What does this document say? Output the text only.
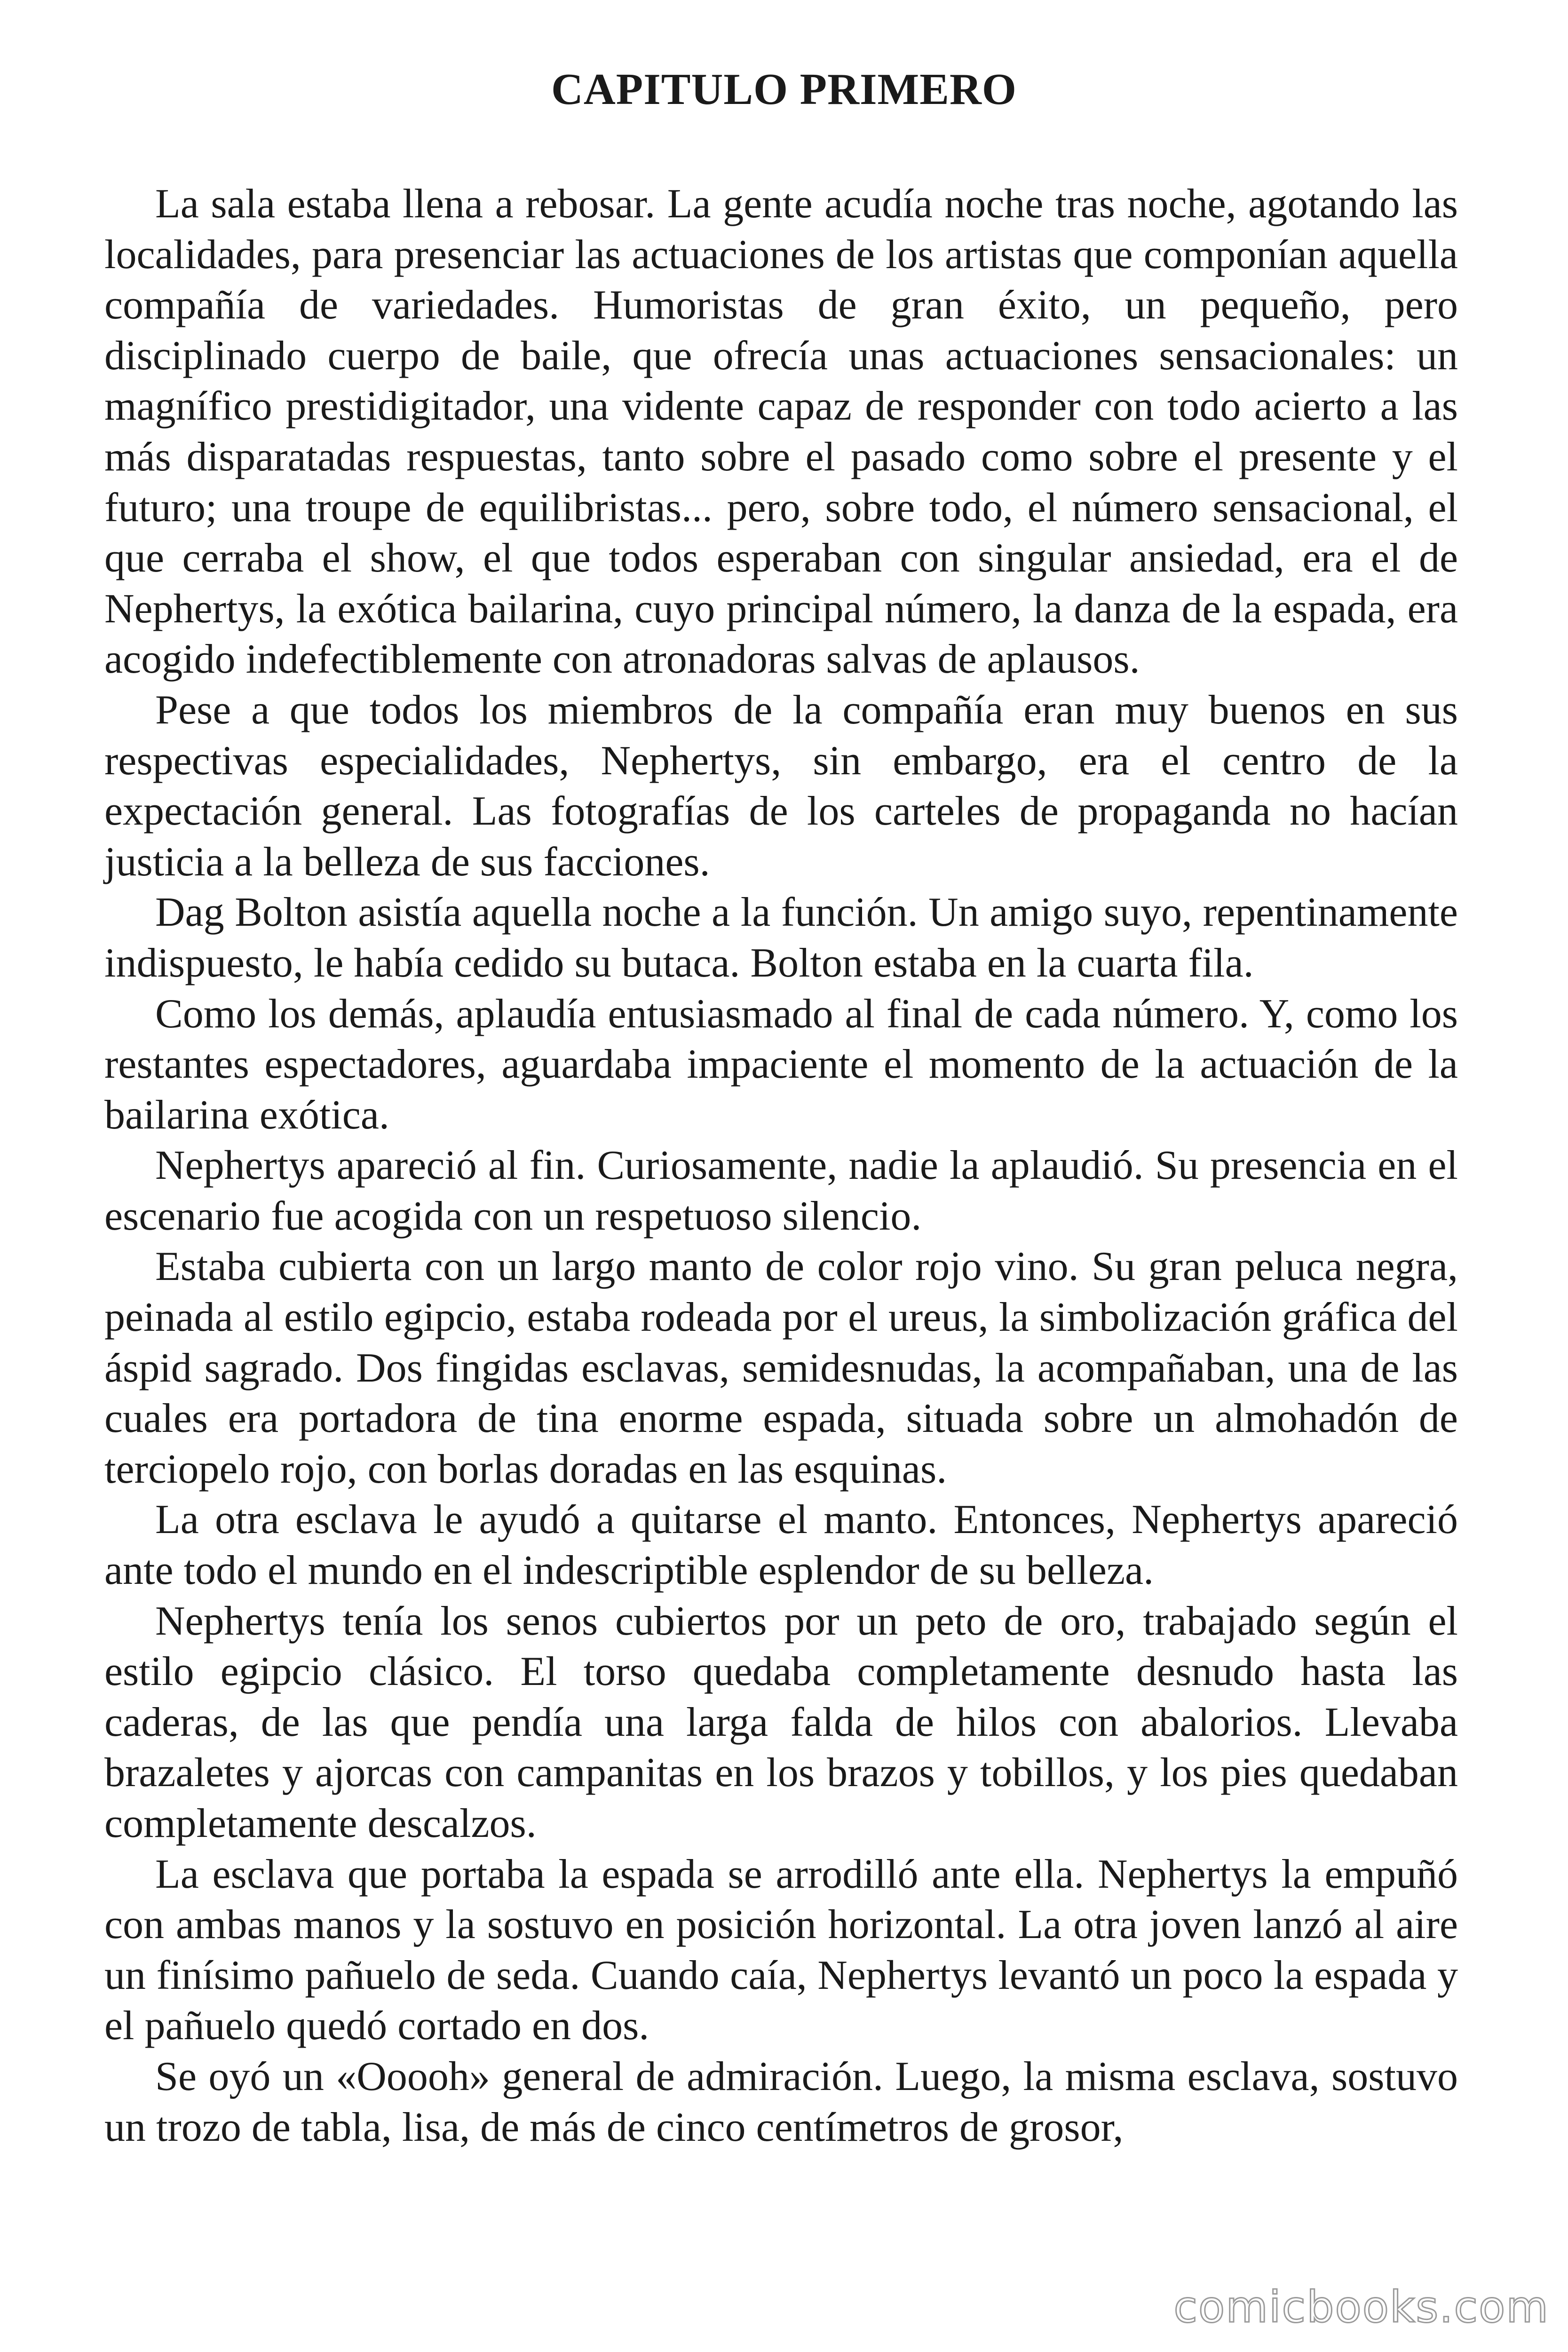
CAPITULO PRIMERO

La sala estaba llena a rebosar. La gente acudía noche tras noche, agotando las localidades, para presenciar las actuaciones de los artistas que componían aquella compañía de variedades. Humoristas de gran éxito, un pequeño, pero disciplinado cuerpo de baile, que ofrecía unas actuaciones sensacionales: un magnífico prestidigitador, una vidente capaz de responder con todo acierto a las más disparatadas respuestas, tanto sobre el pasado como sobre el presente y el futuro; una troupe de equilibristas... pero, sobre todo, el número sensacional, el que cerraba el show, el que todos esperaban con singular ansiedad, era el de Nephertys, la exótica bailarina, cuyo principal número, la danza de la espada, era acogido indefectiblemente con atronadoras salvas de aplausos.

Pese a que todos los miembros de la compañía eran muy buenos en sus respectivas especialidades, Nephertys, sin embargo, era el centro de la expectación general. Las fotografías de los carteles de propaganda no hacían justicia a la belleza de sus facciones.

Dag Bolton asistía aquella noche a la función. Un amigo suyo, repentinamente indispuesto, le había cedido su butaca. Bolton estaba en la cuarta fila.

Como los demás, aplaudía entusiasmado al final de cada número. Y, como los restantes espectadores, aguardaba impaciente el momento de la actuación de la bailarina exótica.

Nephertys apareció al fin. Curiosamente, nadie la aplaudió. Su presencia en el escenario fue acogida con un respetuoso silencio.

Estaba cubierta con un largo manto de color rojo vino. Su gran peluca negra, peinada al estilo egipcio, estaba rodeada por el ureus, la simbolización gráfica del áspid sagrado. Dos fingidas esclavas, semidesnudas, la acompañaban, una de las cuales era portadora de tina enorme espada, situada sobre un almohadón de terciopelo rojo, con borlas doradas en las esquinas.

La otra esclava le ayudó a quitarse el manto. Entonces, Nephertys apareció ante todo el mundo en el indescriptible esplendor de su belleza.

Nephertys tenía los senos cubiertos por un peto de oro, trabajado según el estilo egipcio clásico. El torso quedaba completamente desnudo hasta las caderas, de las que pendía una larga falda de hilos con abalorios. Llevaba brazaletes y ajorcas con campanitas en los brazos y tobillos, y los pies quedaban completamente descalzos.

La esclava que portaba la espada se arrodilló ante ella. Nephertys la empuñó con ambas manos y la sostuvo en posición horizontal. La otra joven lanzó al aire un finísimo pañuelo de seda. Cuando caía, Nephertys levantó un poco la espada y el pañuelo quedó cortado en dos.

Se oyó un «Ooooh» general de admiración. Luego, la misma esclava, sostuvo un trozo de tabla, lisa, de más de cinco centímetros de grosor,

comicbooks.com
